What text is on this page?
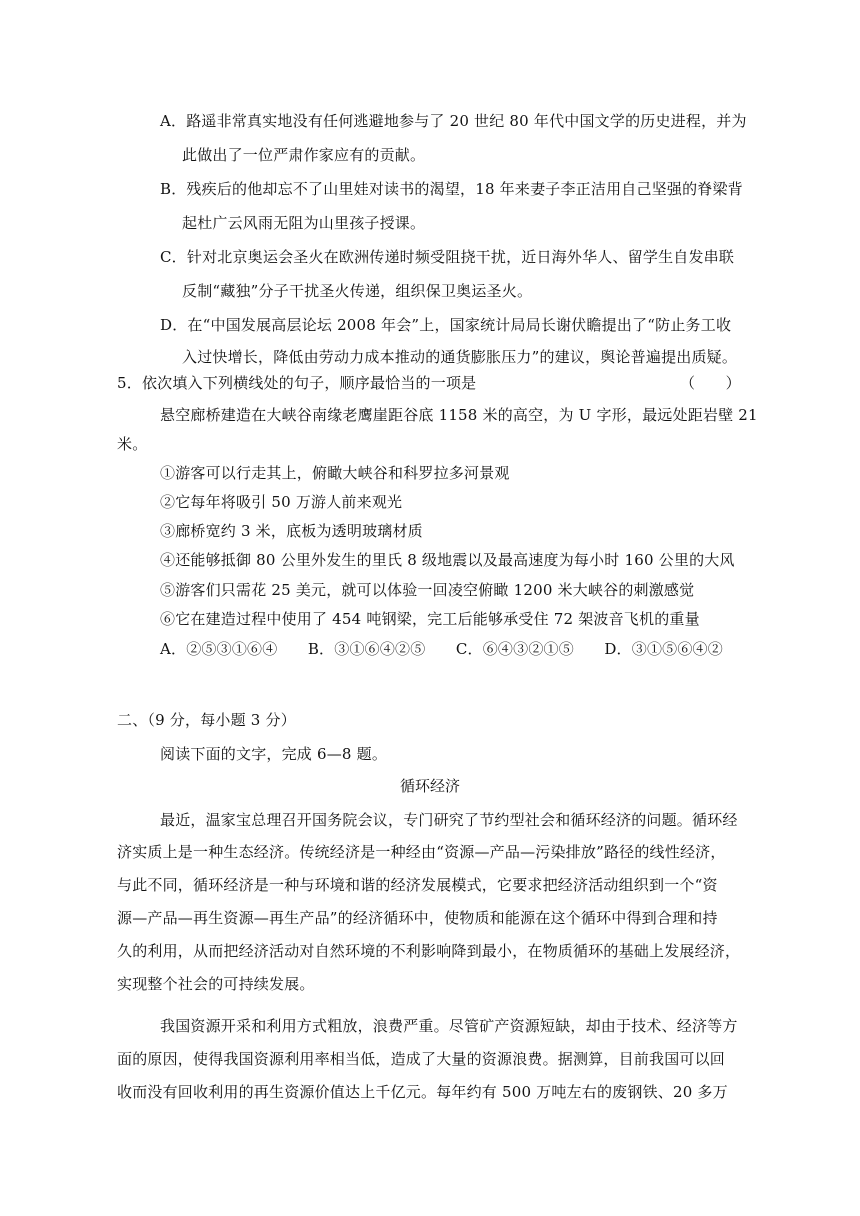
A．路遥非常真实地没有任何逃避地参与了 20 世纪 80 年代中国文学的历史进程，并为
此做出了一位严肃作家应有的贡献。
B．残疾后的他却忘不了山里娃对读书的渴望，18 年来妻子李正洁用自己坚强的脊梁背
起杜广云风雨无阻为山里孩子授课。
C．针对北京奥运会圣火在欧洲传递时频受阻挠干扰，近日海外华人、留学生自发串联
反制“藏独”分子干扰圣火传递，组织保卫奥运圣火。
D．在“中国发展高层论坛 2008 年会”上，国家统计局局长谢伏瞻提出了“防止务工收
入过快增长，降低由劳动力成本推动的通货膨胀压力”的建议，舆论普遍提出质疑。
5．依次填入下列横线处的句子，顺序最恰当的一项是	（　　）
悬空廊桥建造在大峡谷南缘老鹰崖距谷底 1158 米的高空，为 U 字形，最远处距岩壁 21
米。
①游客可以行走其上，俯瞰大峡谷和科罗拉多河景观
②它每年将吸引 50 万游人前来观光
③廊桥宽约 3 米，底板为透明玻璃材质
④还能够抵御 80 公里外发生的里氏 8 级地震以及最高速度为每小时 160 公里的大风
⑤游客们只需花 25 美元，就可以体验一回凌空俯瞰 1200 米大峡谷的刺激感觉
⑥它在建造过程中使用了 454 吨钢梁，完工后能够承受住 72 架波音飞机的重量
A．②⑤③①⑥④　　B．③①⑥④②⑤　　C．⑥④③②①⑤　　D．③①⑤⑥④②
二、（9 分，每小题 3 分）
阅读下面的文字，完成 6—8 题。
循环经济
最近，温家宝总理召开国务院会议，专门研究了节约型社会和循环经济的问题。循环经
济实质上是一种生态经济。传统经济是一种经由“资源—产品—污染排放”路径的线性经济，
与此不同，循环经济是一种与环境和谐的经济发展模式，它要求把经济活动组织到一个“资
源—产品—再生资源—再生产品”的经济循环中，使物质和能源在这个循环中得到合理和持
久的利用，从而把经济活动对自然环境的不利影响降到最小，在物质循环的基础上发展经济，
实现整个社会的可持续发展。
我国资源开采和利用方式粗放，浪费严重。尽管矿产资源短缺，却由于技术、经济等方
面的原因，使得我国资源利用率相当低，造成了大量的资源浪费。据测算，目前我国可以回
收而没有回收利用的再生资源价值达上千亿元。每年约有 500 万吨左右的废钢铁、20 多万
